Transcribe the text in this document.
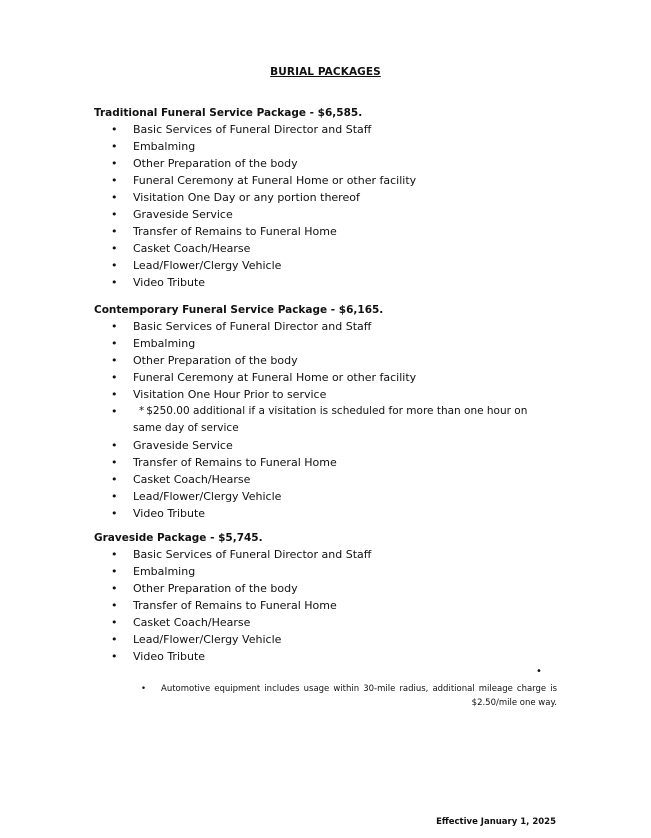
BURIAL PACKAGES
Traditional Funeral Service Package - $6,585.
• Basic Services of Funeral Director and Staff
• Embalming
• Other Preparation of the body
• Funeral Ceremony at Funeral Home or other facility
• Visitation One Day or any portion thereof
• Graveside Service
• Transfer of Remains to Funeral Home
• Casket Coach/Hearse
• Lead/Flower/Clergy Vehicle
• Video Tribute
Contemporary Funeral Service Package - $6,165.
• Basic Services of Funeral Director and Staff
• Embalming
• Other Preparation of the body
• Funeral Ceremony at Funeral Home or other facility
• Visitation One Hour Prior to service
• * $250.00 additional if a visitation is scheduled for more than one hour on same day of service
• Graveside Service
• Transfer of Remains to Funeral Home
• Casket Coach/Hearse
• Lead/Flower/Clergy Vehicle
• Video Tribute
Graveside Package - $5,745.
• Basic Services of Funeral Director and Staff
• Embalming
• Other Preparation of the body
• Transfer of Remains to Funeral Home
• Casket Coach/Hearse
• Lead/Flower/Clergy Vehicle
• Video Tribute
•
•	Automotive equipment includes usage within 30-mile radius, additional mileage charge is $2.50/mile one way.
Effective January 1, 2025
